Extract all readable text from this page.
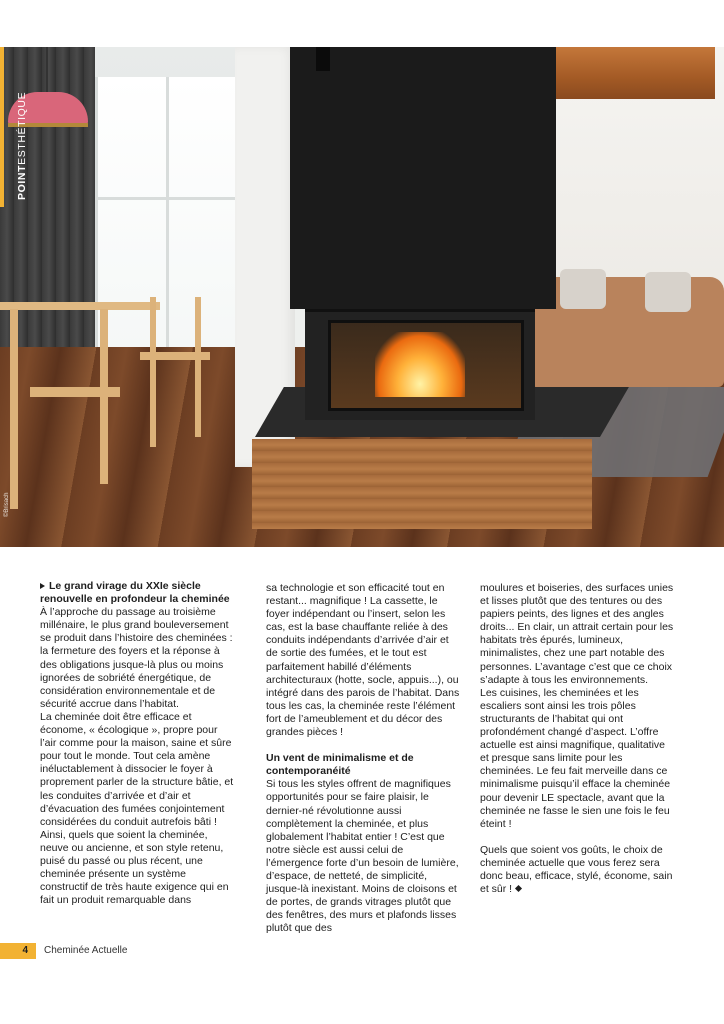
©Brisach
POINTESTHÉTIQUE

Le grand virage du XXIe siècle renouvelle en profondeur la cheminée

À l’approche du passage au troisième millénaire, le plus grand bouleversement se produit dans l’histoire des cheminées : la fermeture des foyers et la réponse à des obligations jusque-là plus ou moins ignorées de sobriété énergétique, de considération environnementale et de sécurité accrue dans l’habitat.

La cheminée doit être efficace et économe, « écologique », propre pour l’air comme pour la maison, saine et sûre pour tout le monde. Tout cela amène inéluctablement à dissocier le foyer à proprement parler de la structure bâtie, et les conduites d’arrivée et d’air et d’évacuation des fumées conjointement considérées du conduit autrefois bâti !

Ainsi, quels que soient la cheminée, neuve ou ancienne, et son style retenu, puisé du passé ou plus récent, une cheminée présente un système constructif de très haute exigence qui en fait un produit remarquable dans

sa technologie et son efficacité tout en restant... magnifique ! La cassette, le foyer indépendant ou l’insert, selon les cas, est la base chauffante reliée à des conduits indépendants d’arrivée d’air et de sortie des fumées, et le tout est parfaitement habillé d’éléments architecturaux (hotte, socle, appuis...), ou intégré dans des parois de l’habitat. Dans tous les cas, la cheminée reste l’élément fort de l’ameublement et du décor des grandes pièces !

Un vent de minimalisme et de contemporanéité

Si tous les styles offrent de magnifiques opportunités pour se faire plaisir, le dernier-né révolutionne aussi complètement la cheminée, et plus globalement l’habitat entier ! C’est que notre siècle est aussi celui de l’émergence forte d’un besoin de lumière, d’espace, de netteté, de simplicité, jusque-là inexistant. Moins de cloisons et de portes, de grands vitrages plutôt que des fenêtres, des murs et plafonds lisses plutôt que des

moulures et boiseries, des surfaces unies et lisses plutôt que des tentures ou des papiers peints, des lignes et des angles droits... En clair, un attrait certain pour les habitats très épurés, lumineux, minimalistes, chez une part notable des personnes. L’avantage c’est que ce choix s’adapte à tous les environnements.

Les cuisines, les cheminées et les escaliers sont ainsi les trois pôles structurants de l’habitat qui ont profondément changé d’aspect. L’offre actuelle est ainsi magnifique, qualitative et presque sans limite pour les cheminées. Le feu fait merveille dans ce minimalisme puisqu’il efface la cheminée pour devenir LE spectacle, avant que la cheminée ne fasse le sien une fois le feu éteint !

Quels que soient vos goûts, le choix de cheminée actuelle que vous ferez sera donc beau, efficace, stylé, économe, sain et sûr !

4	Cheminée Actuelle
